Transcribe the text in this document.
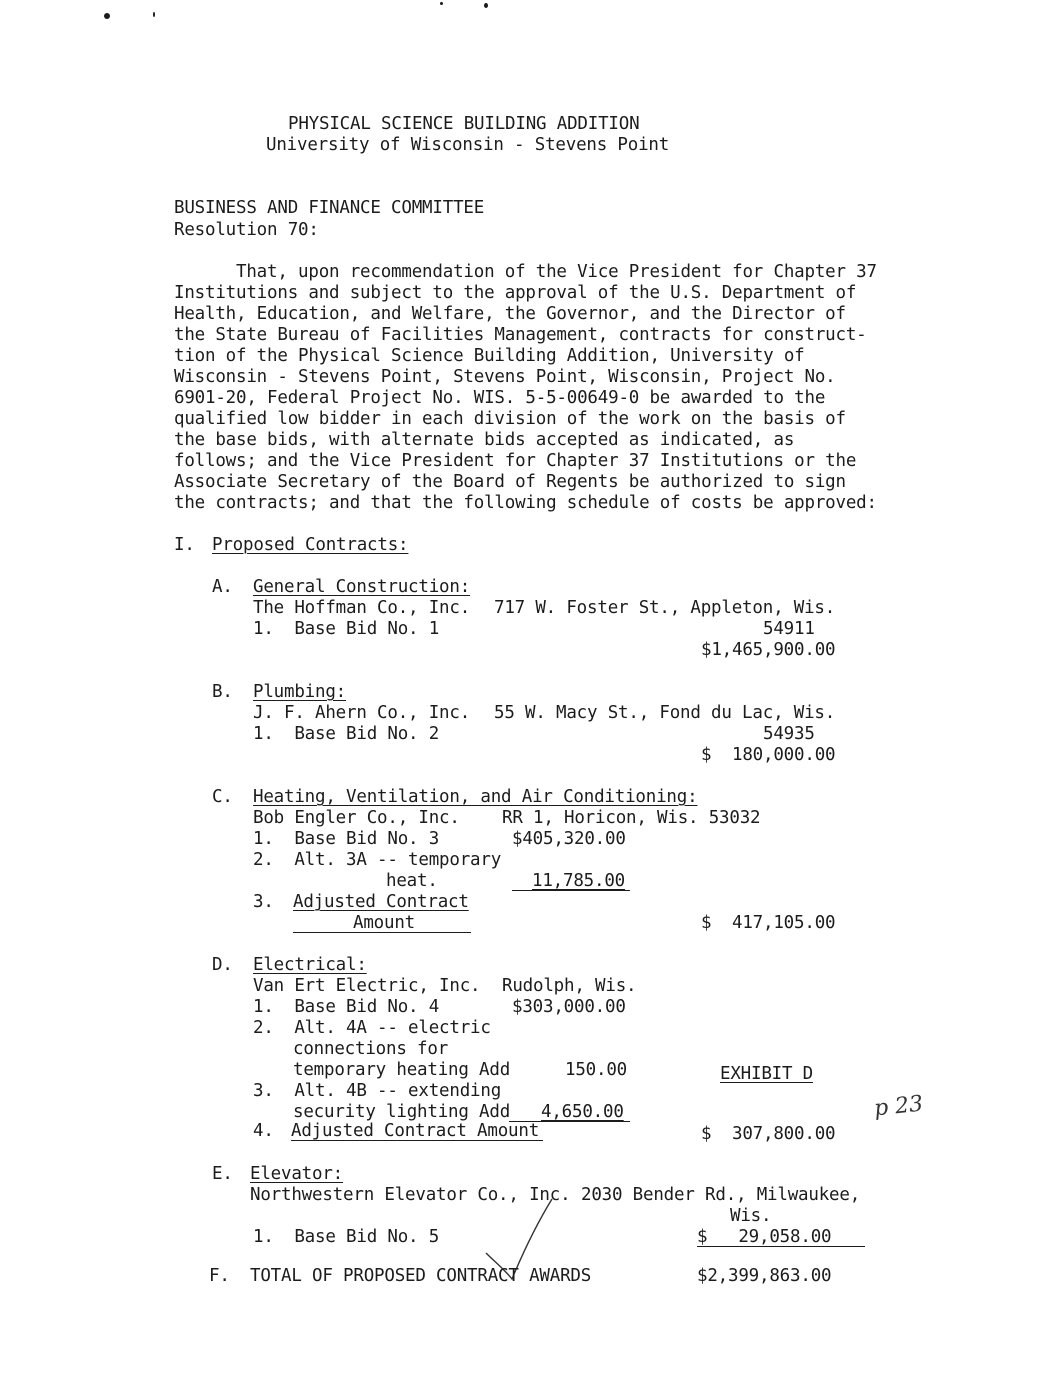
PHYSICAL SCIENCE BUILDING ADDITION
University of Wisconsin - Stevens Point
BUSINESS AND FINANCE COMMITTEE
Resolution 70:
That, upon recommendation of the Vice President for Chapter 37
Institutions and subject to the approval of the U.S. Department of
Health, Education, and Welfare, the Governor, and the Director of
the State Bureau of Facilities Management, contracts for construct-
tion of the Physical Science Building Addition, University of
Wisconsin - Stevens Point, Stevens Point, Wisconsin, Project No.
6901-20, Federal Project No. WIS. 5-5-00649-0 be awarded to the
qualified low bidder in each division of the work on the basis of
the base bids, with alternate bids accepted as indicated, as
follows; and the Vice President for Chapter 37 Institutions or the
Associate Secretary of the Board of Regents be authorized to sign
the contracts; and that the following schedule of costs be approved:
I. Proposed Contracts:
A. General Construction:
The Hoffman Co., Inc. 717 W. Foster St., Appleton, Wis.
1.  Base Bid No. 1	54911
$1,465,900.00
B. Plumbing:
J. F. Ahern Co., Inc. 55 W. Macy St., Fond du Lac, Wis.
1.  Base Bid No. 2	54935
$  180,000.00
C. Heating, Ventilation, and Air Conditioning:
Bob Engler Co., Inc. RR 1, Horicon, Wis. 53032
1.  Base Bid No. 3	$405,320.00
2.  Alt. 3A -- temporary
heat.	11,785.00
3. Adjusted Contract
Amount	$  417,105.00
D. Electrical:
Van Ert Electric, Inc. Rudolph, Wis.
1.  Base Bid No. 4	$303,000.00
2.  Alt. 4A -- electric
connections for
temporary heating Add	150.00	EXHIBIT D
3.  Alt. 4B -- extending
security lighting Add 4,650.00
4. Adjusted Contract Amount	$  307,800.00
p 23
E. Elevator:
Northwestern Elevator Co., Inc. 2030 Bender Rd., Milwaukee,
Wis.
1.  Base Bid No. 5	$   29,058.00
F. TOTAL OF PROPOSED CONTRACT AWARDS	$2,399,863.00
